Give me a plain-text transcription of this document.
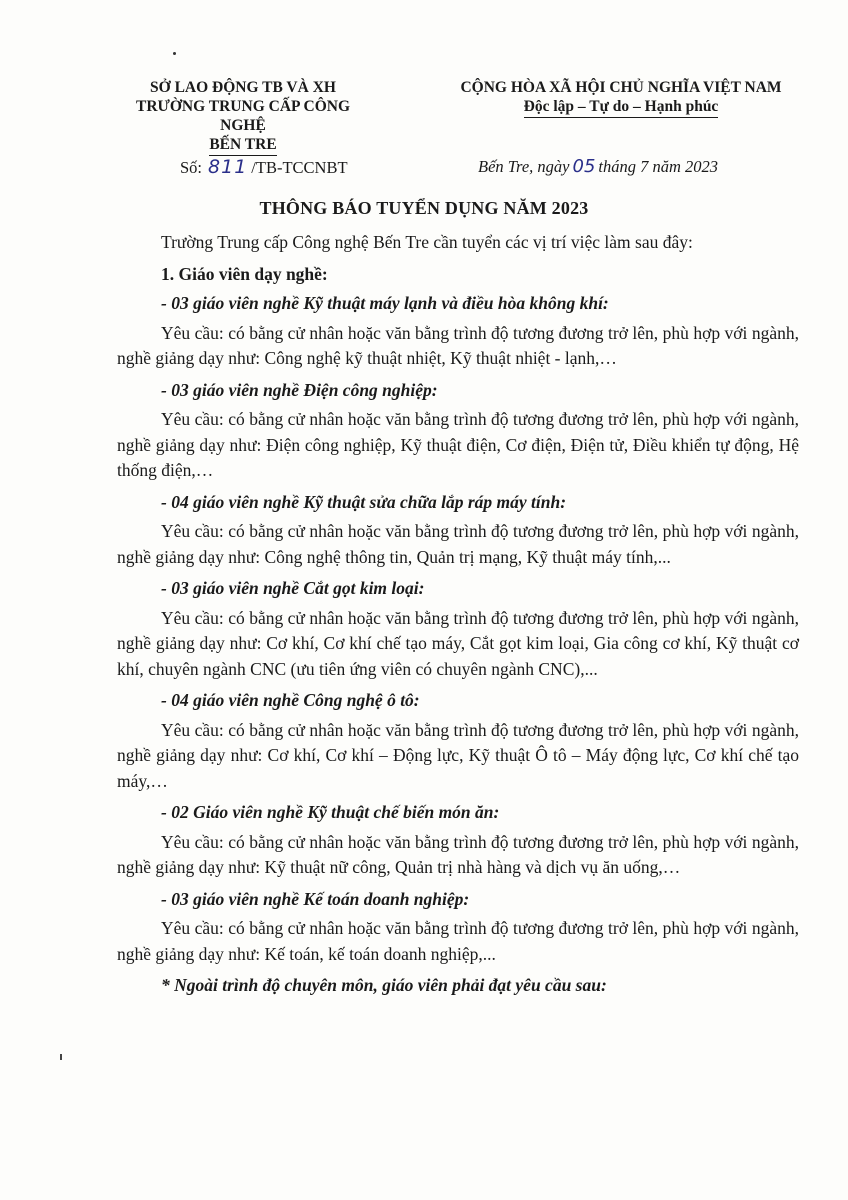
SỞ LAO ĐỘNG TB VÀ XH
TRƯỜNG TRUNG CẤP CÔNG NGHỆ
BẾN TRE
CỘNG HÒA XÃ HỘI CHỦ NGHĨA VIỆT NAM
Độc lập – Tự do – Hạnh phúc
Số: 811 /TB-TCCNBT	Bến Tre, ngày 05 tháng 7 năm 2023
THÔNG BÁO TUYỂN DỤNG NĂM 2023

Trường Trung cấp Công nghệ Bến Tre cần tuyển các vị trí việc làm sau đây:

1. Giáo viên dạy nghề:

- 03 giáo viên nghề Kỹ thuật máy lạnh và điều hòa không khí:

Yêu cầu: có bằng cử nhân hoặc văn bằng trình độ tương đương trở lên, phù hợp với ngành, nghề giảng dạy như: Công nghệ kỹ thuật nhiệt, Kỹ thuật nhiệt - lạnh,…

- 03 giáo viên nghề Điện công nghiệp:

Yêu cầu: có bằng cử nhân hoặc văn bằng trình độ tương đương trở lên, phù hợp với ngành, nghề giảng dạy như: Điện công nghiệp, Kỹ thuật điện, Cơ điện, Điện tử, Điều khiển tự động, Hệ thống điện,…

- 04 giáo viên nghề Kỹ thuật sửa chữa lắp ráp máy tính:

Yêu cầu: có bằng cử nhân hoặc văn bằng trình độ tương đương trở lên, phù hợp với ngành, nghề giảng dạy như: Công nghệ thông tin, Quản trị mạng, Kỹ thuật máy tính,...

- 03 giáo viên nghề Cắt gọt kim loại:

Yêu cầu: có bằng cử nhân hoặc văn bằng trình độ tương đương trở lên, phù hợp với ngành, nghề giảng dạy như: Cơ khí, Cơ khí chế tạo máy, Cắt gọt kim loại, Gia công cơ khí, Kỹ thuật cơ khí, chuyên ngành CNC (ưu tiên ứng viên có chuyên ngành CNC),...

- 04 giáo viên nghề Công nghệ ô tô:

Yêu cầu: có bằng cử nhân hoặc văn bằng trình độ tương đương trở lên, phù hợp với ngành, nghề giảng dạy như: Cơ khí, Cơ khí – Động lực, Kỹ thuật Ô tô – Máy động lực, Cơ khí chế tạo máy,…

- 02 Giáo viên nghề Kỹ thuật chế biến món ăn:

Yêu cầu: có bằng cử nhân hoặc văn bằng trình độ tương đương trở lên, phù hợp với ngành, nghề giảng dạy như: Kỹ thuật nữ công, Quản trị nhà hàng và dịch vụ ăn uống,…

- 03 giáo viên nghề Kế toán doanh nghiệp:

Yêu cầu: có bằng cử nhân hoặc văn bằng trình độ tương đương trở lên, phù hợp với ngành, nghề giảng dạy như: Kế toán, kế toán doanh nghiệp,...

* Ngoài trình độ chuyên môn, giáo viên phải đạt yêu cầu sau:
